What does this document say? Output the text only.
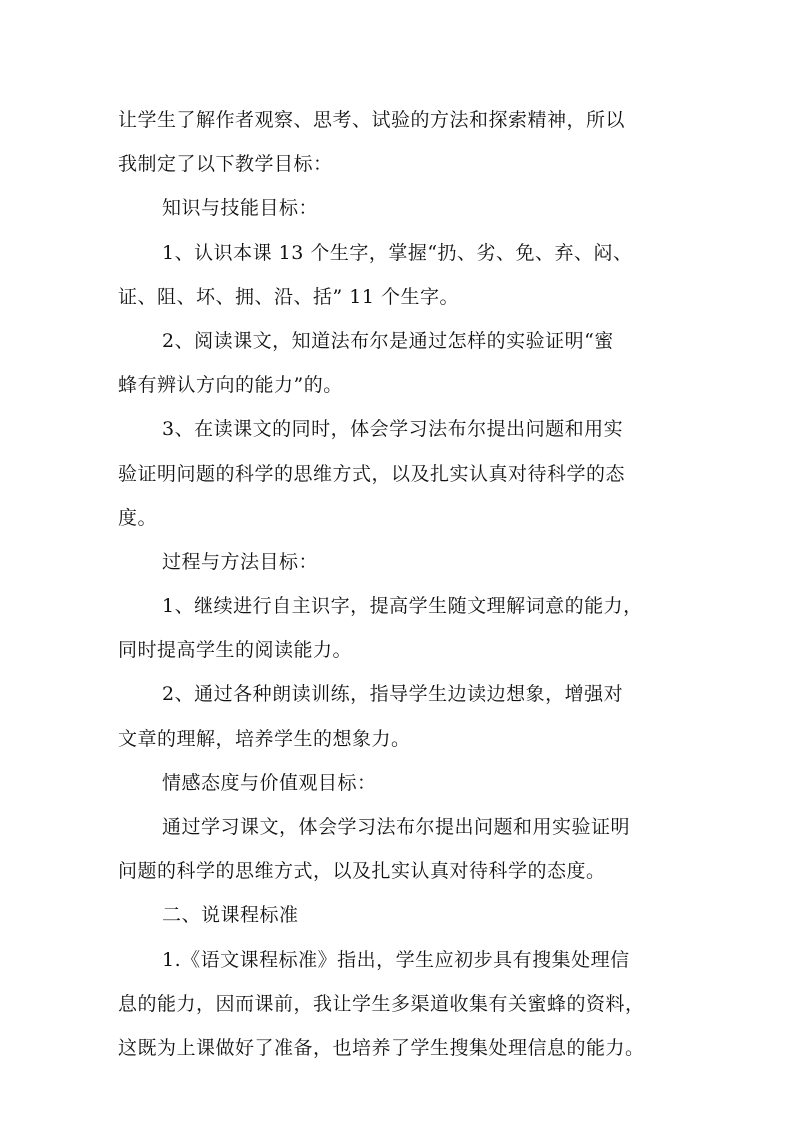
让学生了解作者观察、思考、试验的方法和探索精神，所以
我制定了以下教学目标：
知识与技能目标：
1、认识本课 13 个生字，掌握“扔、劣、免、弃、闷、
证、阻、坏、拥、沿、括” 11 个生字。
2、阅读课文，知道法布尔是通过怎样的实验证明“蜜
蜂有辨认方向的能力”的。
3、在读课文的同时，体会学习法布尔提出问题和用实
验证明问题的科学的思维方式，以及扎实认真对待科学的态
度。
过程与方法目标：
1、继续进行自主识字，提高学生随文理解词意的能力，
同时提高学生的阅读能力。
2、通过各种朗读训练，指导学生边读边想象，增强对
文章的理解，培养学生的想象力。
情感态度与价值观目标：
通过学习课文，体会学习法布尔提出问题和用实验证明
问题的科学的思维方式，以及扎实认真对待科学的态度。
二、说课程标准
1.《语文课程标准》指出，学生应初步具有搜集处理信
息的能力，因而课前，我让学生多渠道收集有关蜜蜂的资料，
这既为上课做好了准备，也培养了学生搜集处理信息的能力。
